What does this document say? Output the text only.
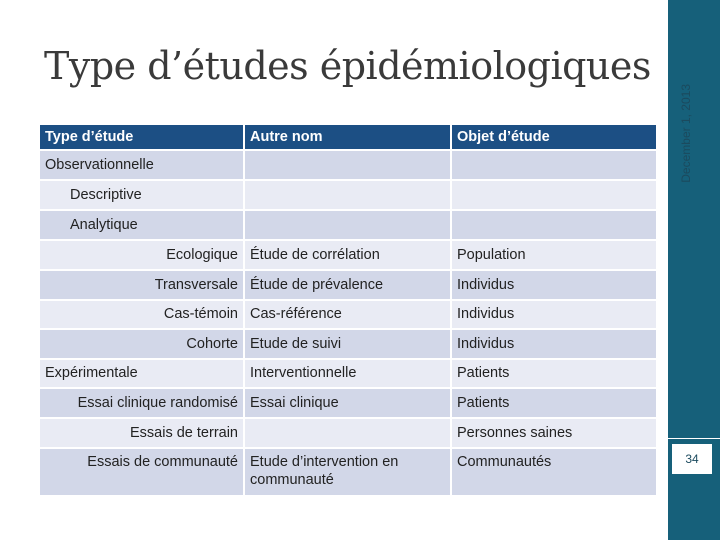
December 1, 2013
34
Type d’études épidémiologiques
Type d’étude	Autre nom	Objet d’étude
Observationnelle		
Descriptive		
Analytique		
Ecologique	Étude de corrélation	Population
Transversale	Étude de prévalence	Individus
Cas-témoin	Cas-référence	Individus
Cohorte	Etude de suivi	Individus
Expérimentale	Interventionnelle	Patients
Essai clinique randomisé	Essai clinique	Patients
Essais de terrain		Personnes saines
Essais de communauté	Etude d’intervention en communauté	Communautés
